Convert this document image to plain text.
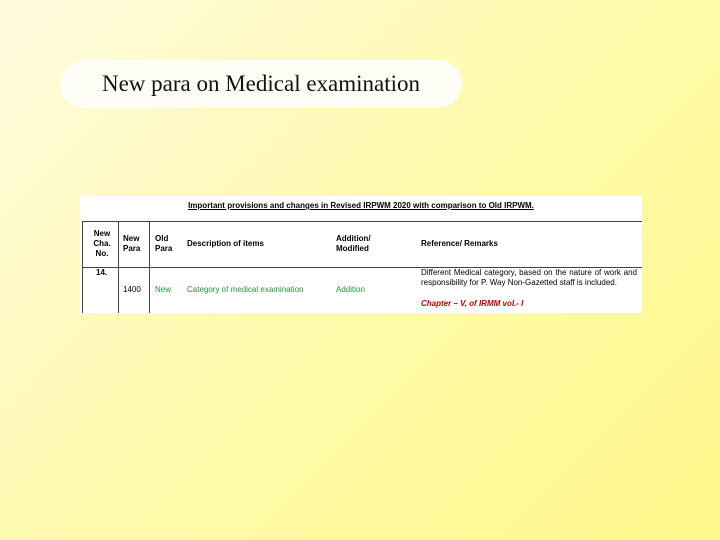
New para on Medical examination
Important provisions and changes in Revised IRPWM 2020 with comparison to Old IRPWM.
New
Cha.
No.
New
Para
Old
Para
Description of items
Addition/
Modified
Reference/ Remarks
14.
1400 New Category of medical examination	Addition
Different Medical category, based on the nature of work and responsibility for P. Way Non-Gazetted staff is included.
Chapter – V, of IRMM vol.- I
